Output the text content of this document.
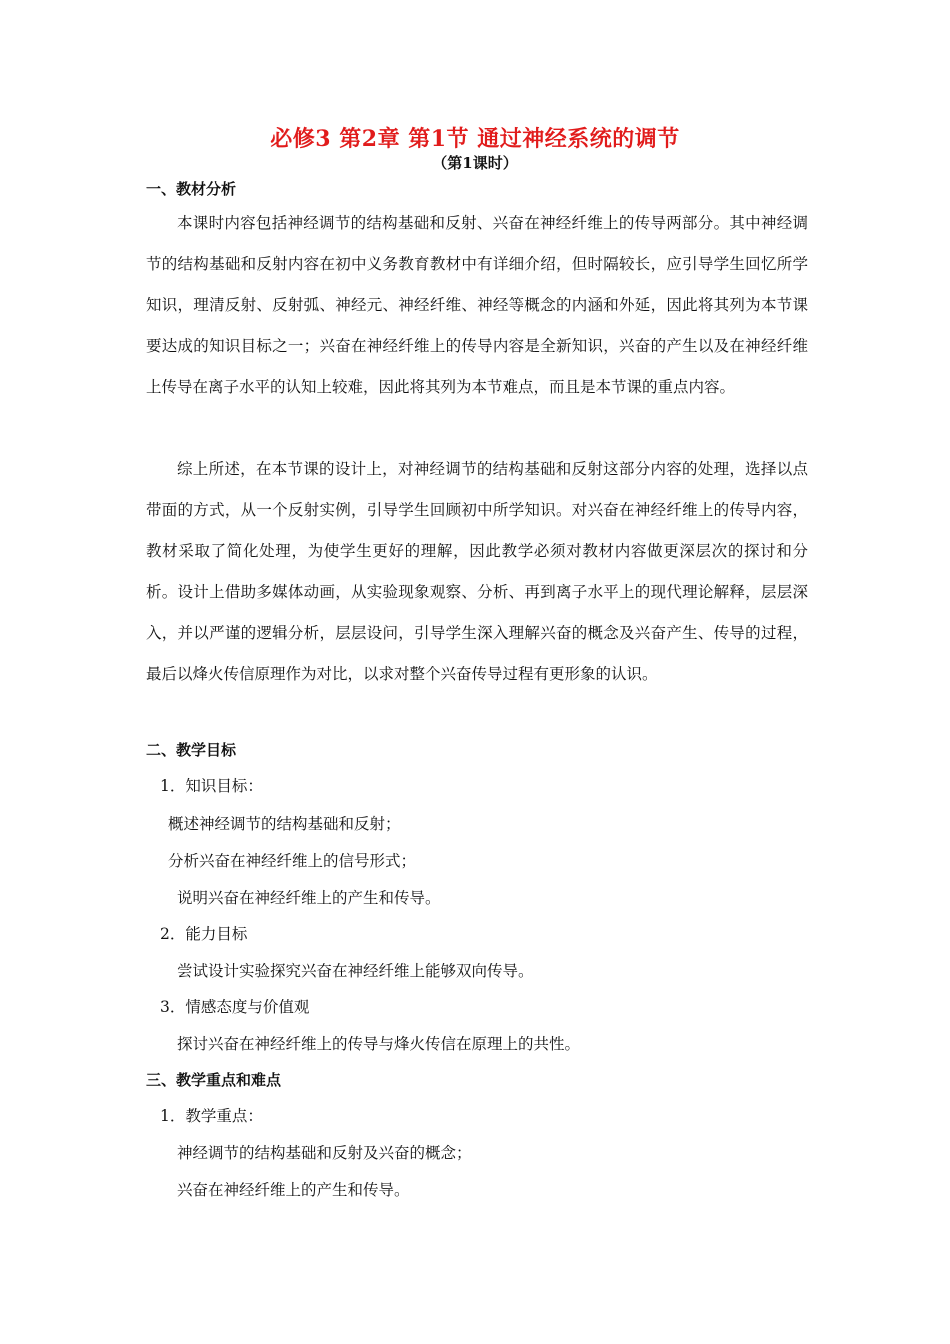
必修3 第2章 第1节 通过神经系统的调节
（第1课时）
一、教材分析
本课时内容包括神经调节的结构基础和反射、兴奋在神经纤维上的传导两部分。其中神经调节的结构基础和反射内容在初中义务教育教材中有详细介绍，但时隔较长，应引导学生回忆所学知识，理清反射、反射弧、神经元、神经纤维、神经等概念的内涵和外延，因此将其列为本节课要达成的知识目标之一；兴奋在神经纤维上的传导内容是全新知识，兴奋的产生以及在神经纤维上传导在离子水平的认知上较难，因此将其列为本节难点，而且是本节课的重点内容。
综上所述，在本节课的设计上，对神经调节的结构基础和反射这部分内容的处理，选择以点带面的方式，从一个反射实例，引导学生回顾初中所学知识。对兴奋在神经纤维上的传导内容，教材采取了简化处理，为使学生更好的理解，因此教学必须对教材内容做更深层次的探讨和分析。设计上借助多媒体动画，从实验现象观察、分析、再到离子水平上的现代理论解释，层层深入，并以严谨的逻辑分析，层层设问，引导学生深入理解兴奋的概念及兴奋产生、传导的过程，最后以烽火传信原理作为对比，以求对整个兴奋传导过程有更形象的认识。
二、教学目标
1．知识目标：
概述神经调节的结构基础和反射；
分析兴奋在神经纤维上的信号形式；
说明兴奋在神经纤维上的产生和传导。
2．能力目标
尝试设计实验探究兴奋在神经纤维上能够双向传导。
3．情感态度与价值观
探讨兴奋在神经纤维上的传导与烽火传信在原理上的共性。
三、教学重点和难点
1．教学重点：
神经调节的结构基础和反射及兴奋的概念；
兴奋在神经纤维上的产生和传导。
